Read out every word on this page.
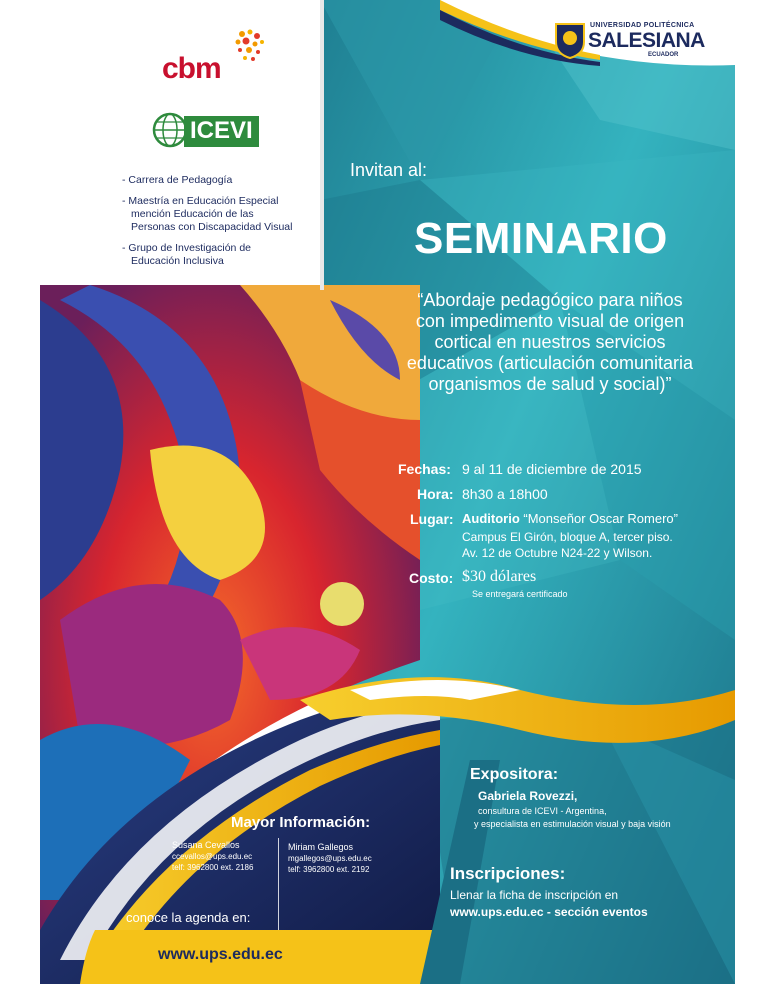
cbm
ICEVI
UNIVERSIDAD POLITÉCNICA
SALESIANA
ECUADOR
- Carrera de Pedagogía
- Maestría en Educación Especial
mención Educación de las
Personas con Discapacidad Visual
- Grupo de Investigación de
Educación Inclusiva
Invitan al:
SEMINARIO
“Abordaje pedagógico para niños
con impedimento visual de origen
cortical en nuestros servicios
educativos (articulación comunitaria
organismos de salud y social)”
Fechas: 9 al 11 de diciembre de 2015
Hora: 8h30 a 18h00
Lugar: Auditorio “Monseñor Oscar Romero”
Campus El Girón, bloque A, tercer piso.
Av. 12 de Octubre N24-22 y Wilson.
Costo: $30 dólares
Se entregará certificado
Expositora:
Gabriela Rovezzi,
consultura de ICEVI - Argentina,
y especialista en estimulación visual y baja visión
Mayor Información:
Susana Cevallos
ccevallos@ups.edu.ec
telf: 3962800 ext. 2186
Miriam Gallegos
mgallegos@ups.edu.ec
telf: 3962800 ext. 2192
conoce la agenda en:
www.ups.edu.ec
Inscripciones:
Llenar la ficha de inscripción en
www.ups.edu.ec - sección eventos
